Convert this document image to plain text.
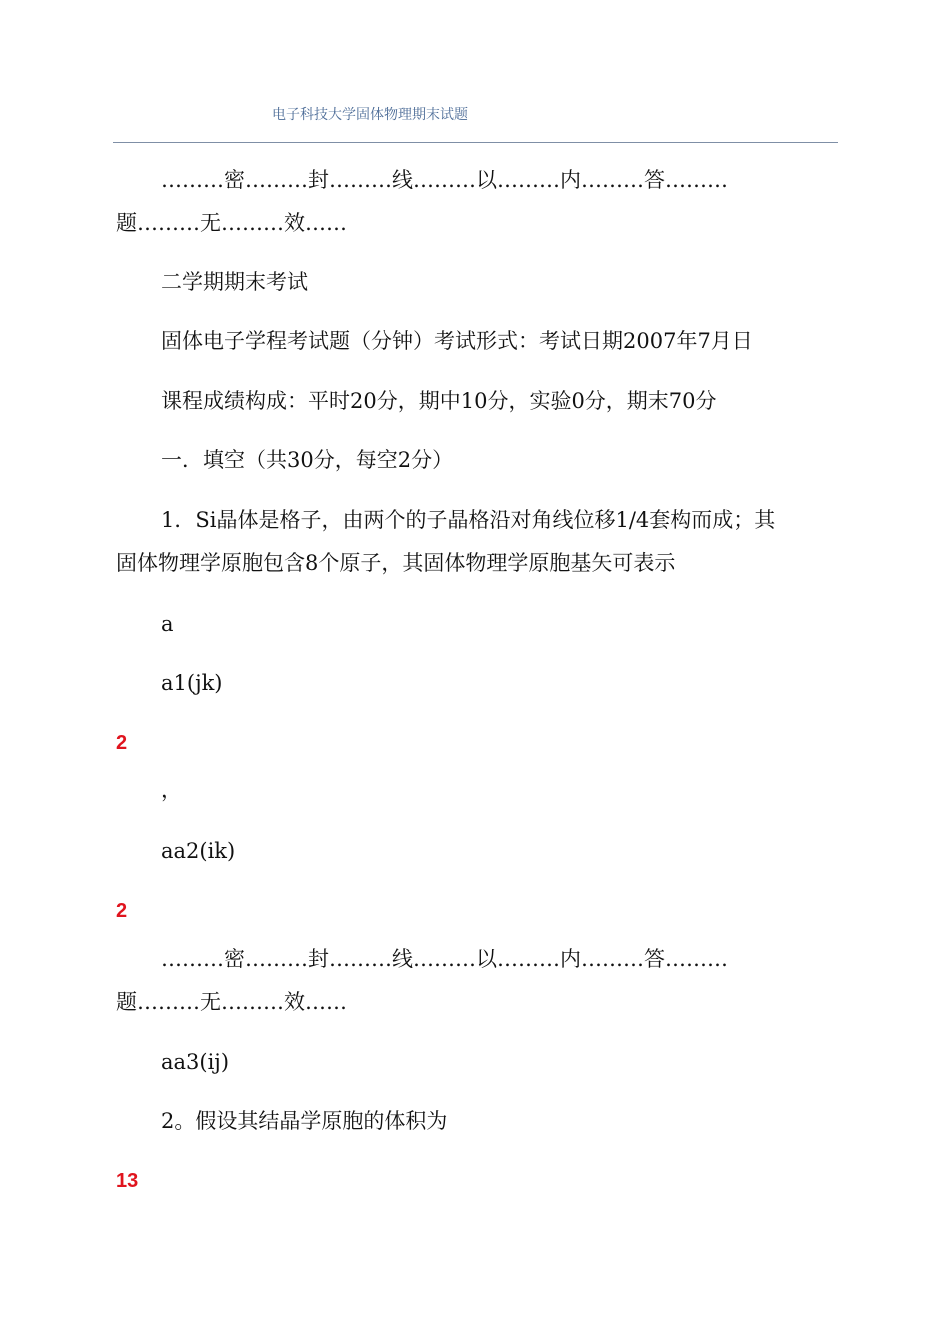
电子科技大学固体物理期末试题
………密………封………线………以………内………答………
题………无………效……
二学期期末考试
固体电子学程考试题（分钟）考试形式：考试日期2007年7月日
课程成绩构成：平时20分，期中10分，实验0分，期末70分
一．填空（共30分，每空2分）
1．Si晶体是格子，由两个的子晶格沿对角线位移1/4套构而成；其
固体物理学原胞包含8个原子，其固体物理学原胞基矢可表示
a
a1(jk)
2
，
aa2(ik)
2
………密………封………线………以………内………答………
题………无………效……
aa3(ij)
2。假设其结晶学原胞的体积为
13
